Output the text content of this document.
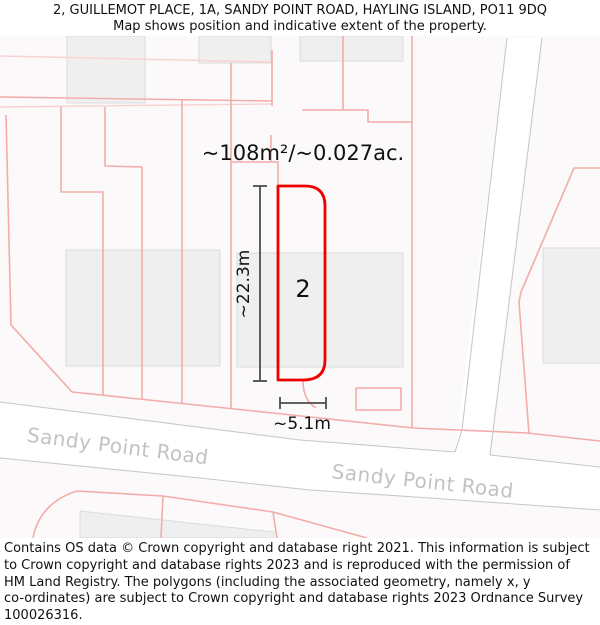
2, GUILLEMOT PLACE, 1A, SANDY POINT ROAD, HAYLING ISLAND, PO11 9DQ
Map shows position and indicative extent of the property.
Sandy Point Road
Sandy Point Road
2
~108m²/~0.027ac.
~22.3m
~5.1m
Contains OS data © Crown copyright and database right 2021. This information is subject
to Crown copyright and database rights 2023 and is reproduced with the permission of
HM Land Registry. The polygons (including the associated geometry, namely x, y
co-ordinates) are subject to Crown copyright and database rights 2023 Ordnance Survey
100026316.
